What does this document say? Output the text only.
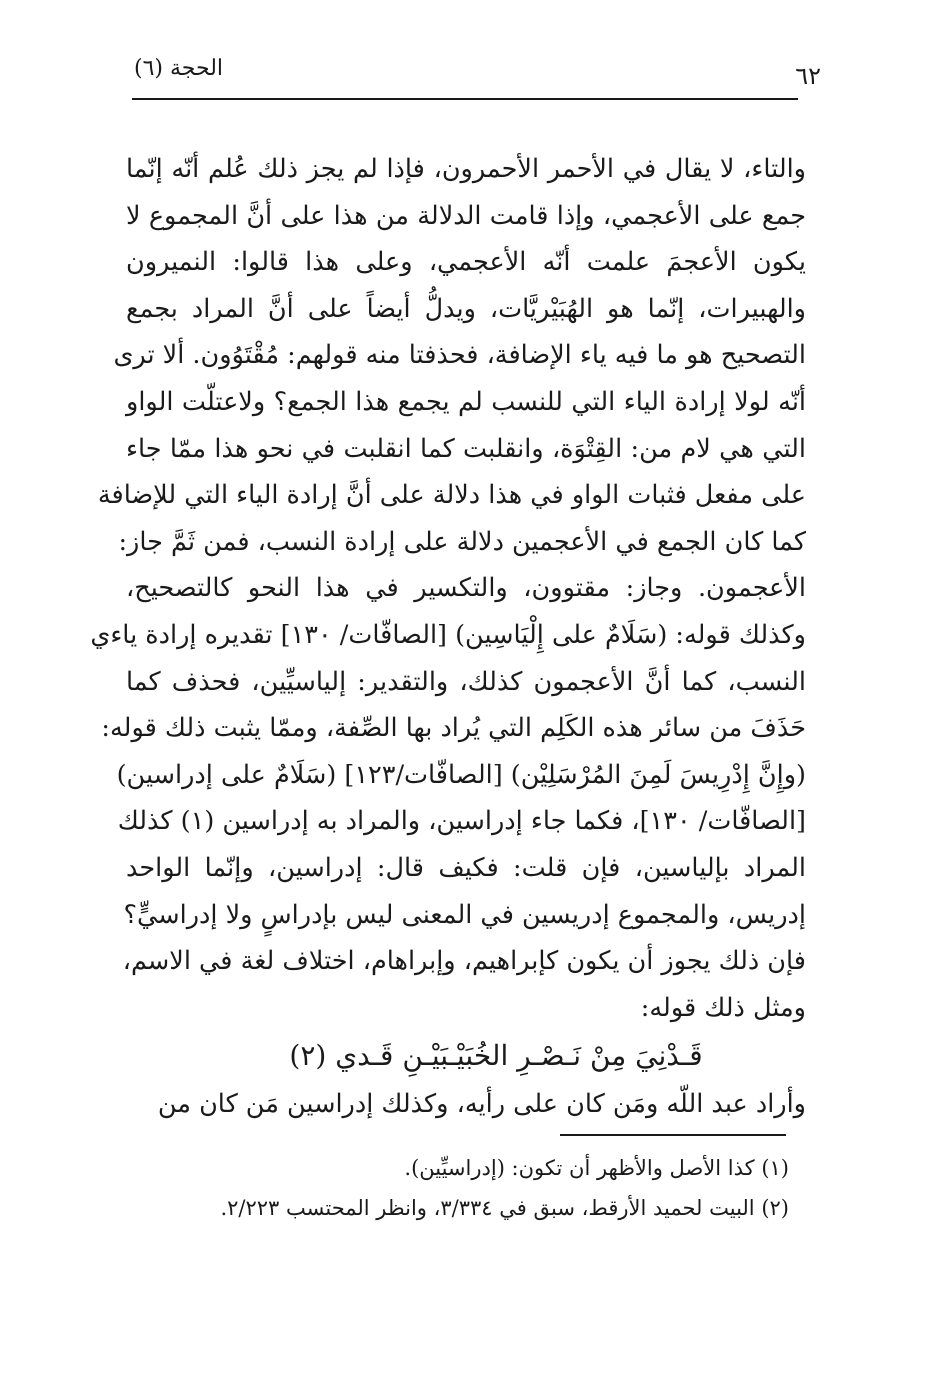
٦٢
الحجة (٦)
والتاء، لا يقال في الأحمر الأحمرون، فإذا لم يجز ذلك عُلم أنّه إنّما
جمع على الأعجمي، وإذا قامت الدلالة من هذا على أنَّ المجموع لا
يكون الأعجمَ علمت أنّه الأعجمي، وعلى هذا قالوا: النميرون
والهبيرات، إنّما هو الهُبَيْريَّات، ويدلُّ أيضاً على أنَّ المراد بجمع
التصحيح هو ما فيه ياء الإضافة، فحذفتا منه قولهم: مُقْتَوُون. ألا ترى
أنّه لولا إرادة الياء التي للنسب لم يجمع هذا الجمع؟ ولاعتلّت الواو
التي هي لام من: القِتْوَة، وانقلبت كما انقلبت في نحو هذا ممّا جاء
على مفعل فثبات الواو في هذا دلالة على أنَّ إرادة الياء التي للإضافة
كما كان الجمع في الأعجمين دلالة على إرادة النسب، فمن ثَمَّ جاز:
الأعجمون. وجاز: مقتوون، والتكسير في هذا النحو كالتصحيح،
وكذلك قوله: (سَلَامٌ على إِلْيَاسِين) [الصافّات/ ١٣٠] تقديره إرادة ياءي
النسب، كما أنَّ الأعجمون كذلك، والتقدير: إلياسيِّين، فحذف كما
حَذَفَ من سائر هذه الكَلِم التي يُراد بها الصِّفة، وممّا يثبت ذلك قوله:
(وإِنَّ إِدْرِيسَ لَمِنَ المُرْسَلِيْن) [الصافّات/١٢٣] (سَلَامٌ على إدراسين)
[الصافّات/ ١٣٠]، فكما جاء إدراسين، والمراد به إدراسين (١) كذلك
المراد بإلياسين، فإن قلت: فكيف قال: إدراسين، وإنّما الواحد
إدريس، والمجموع إدريسين في المعنى ليس بإدراسٍ ولا إدراسيٍّ؟
فإن ذلك يجوز أن يكون كإبراهيم، وإبراهام، اختلاف لغة في الاسم،
ومثل ذلك قوله:
قَـدْنِيَ مِنْ نَـصْـرِ الخُبَيْـبَيْـنِ قَـدي (٢)
وأراد عبد اللّه ومَن كان على رأيه، وكذلك إدراسين مَن كان من
(١) كذا الأصل والأظهر أن تكون: (إدراسيِّين).
(٢) البيت لحميد الأرقط، سبق في ٣/٣٣٤، وانظر المحتسب ٢/٢٢٣.
